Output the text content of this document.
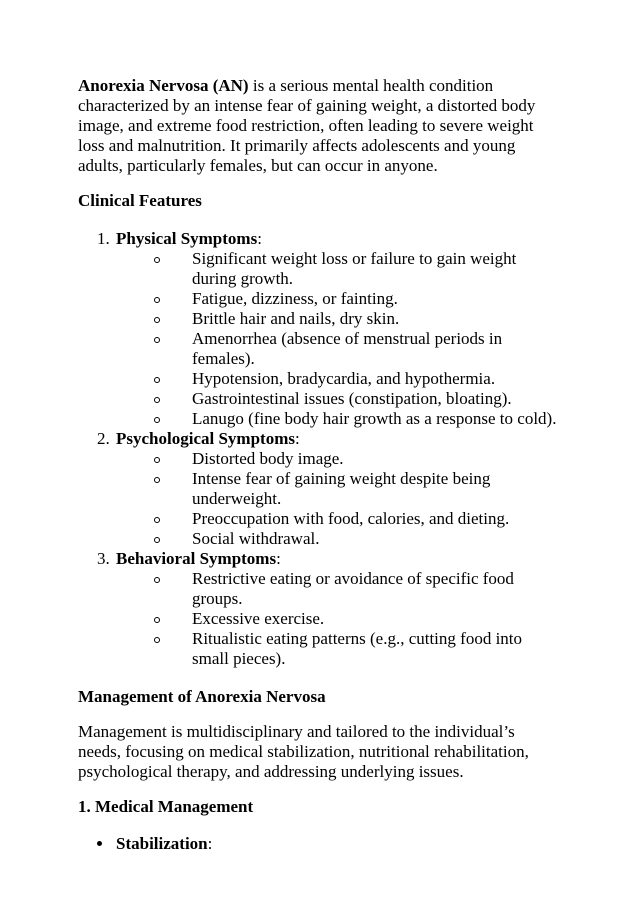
Anorexia Nervosa (AN) is a serious mental health condition characterized by an intense fear of gaining weight, a distorted body image, and extreme food restriction, often leading to severe weight loss and malnutrition. It primarily affects adolescents and young adults, particularly females, but can occur in anyone.

Clinical Features

1. Physical Symptoms:
Significant weight loss or failure to gain weight during growth.
Fatigue, dizziness, or fainting.
Brittle hair and nails, dry skin.
Amenorrhea (absence of menstrual periods in females).
Hypotension, bradycardia, and hypothermia.
Gastrointestinal issues (constipation, bloating).
Lanugo (fine body hair growth as a response to cold).
2. Psychological Symptoms:
Distorted body image.
Intense fear of gaining weight despite being underweight.
Preoccupation with food, calories, and dieting.
Social withdrawal.
3. Behavioral Symptoms:
Restrictive eating or avoidance of specific food groups.
Excessive exercise.
Ritualistic eating patterns (e.g., cutting food into small pieces).

Management of Anorexia Nervosa

Management is multidisciplinary and tailored to the individual’s needs, focusing on medical stabilization, nutritional rehabilitation, psychological therapy, and addressing underlying issues.

1. Medical Management

Stabilization:
